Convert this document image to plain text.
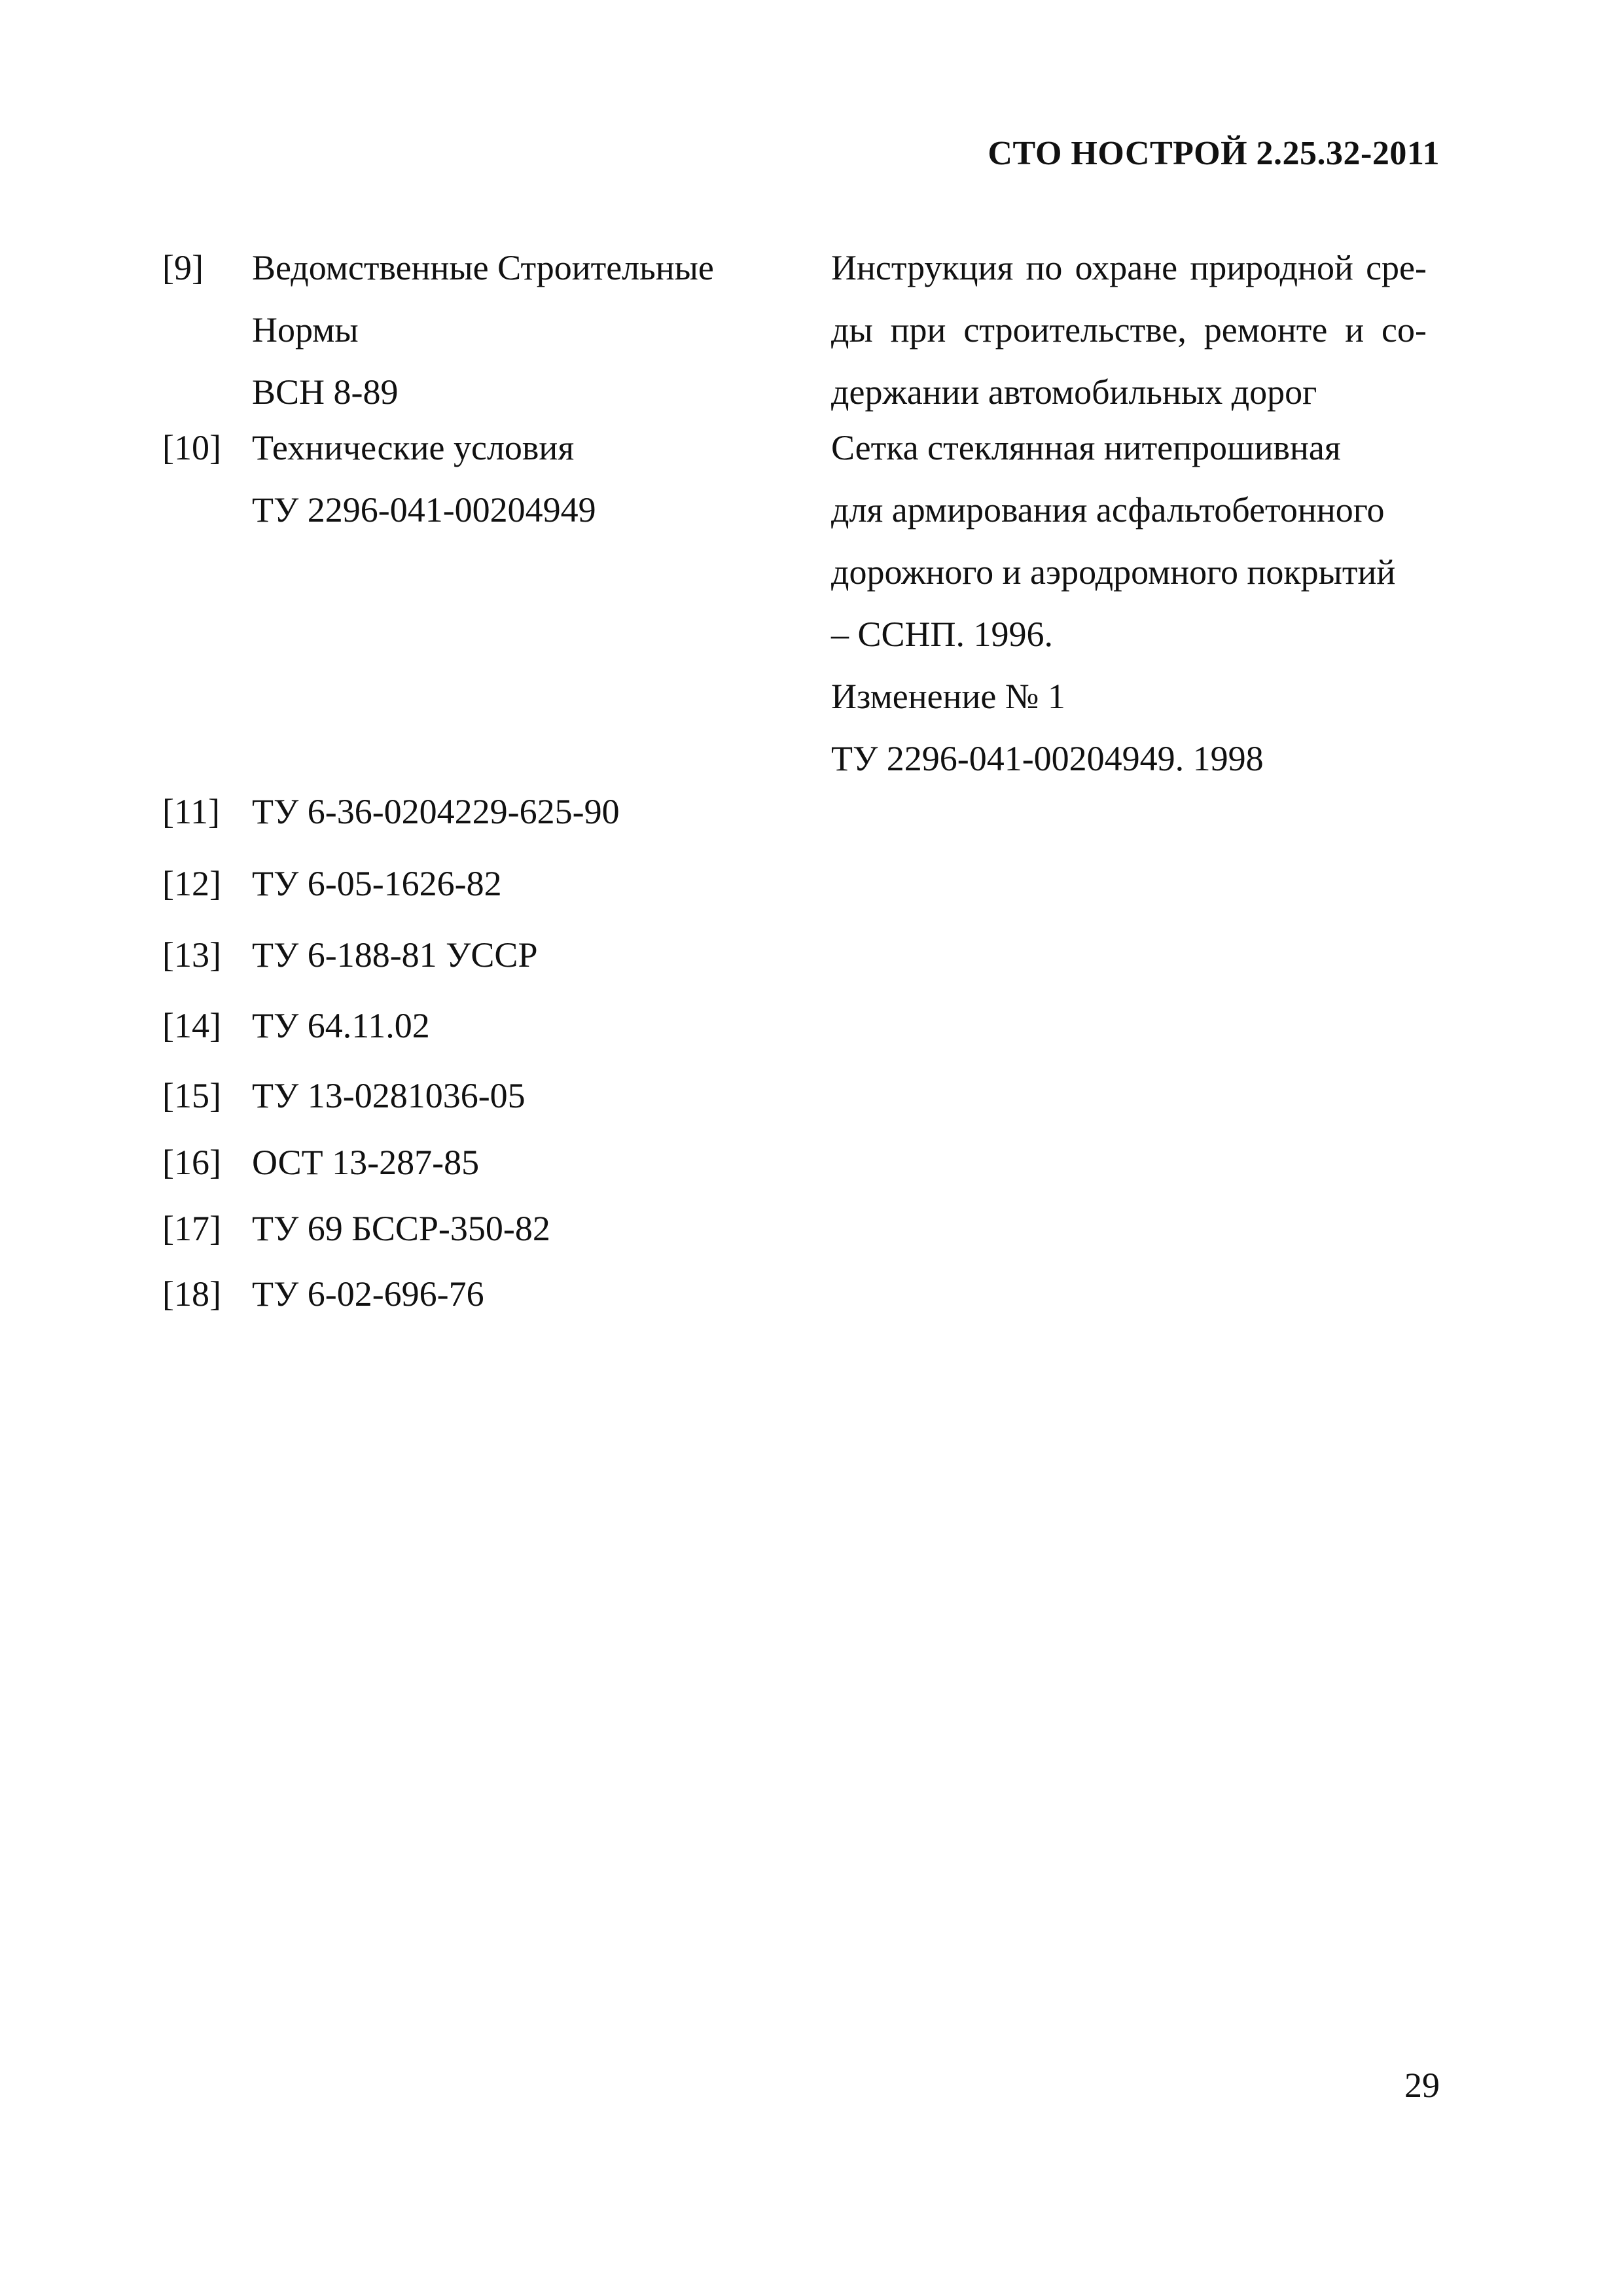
СТО НОСТРОЙ 2.25.32-2011
[9] Ведомственные Строительные
Нормы
ВСН 8-89
Инструкция по охране природной сре-
ды при строительстве, ремонте и со-
держании автомобильных дорог
[10] Технические условия
ТУ 2296-041-00204949
Сетка стеклянная нитепрошивная
для армирования асфальтобетонного
дорожного и аэродромного покрытий
– ССНП. 1996.
Изменение № 1
ТУ 2296-041-00204949. 1998
[11] ТУ 6-36-0204229-625-90
[12] ТУ 6-05-1626-82
[13] ТУ 6-188-81 УССР
[14] ТУ 64.11.02
[15] ТУ 13-0281036-05
[16] ОСТ 13-287-85
[17] ТУ 69 БССР-350-82
[18] ТУ 6-02-696-76
29
